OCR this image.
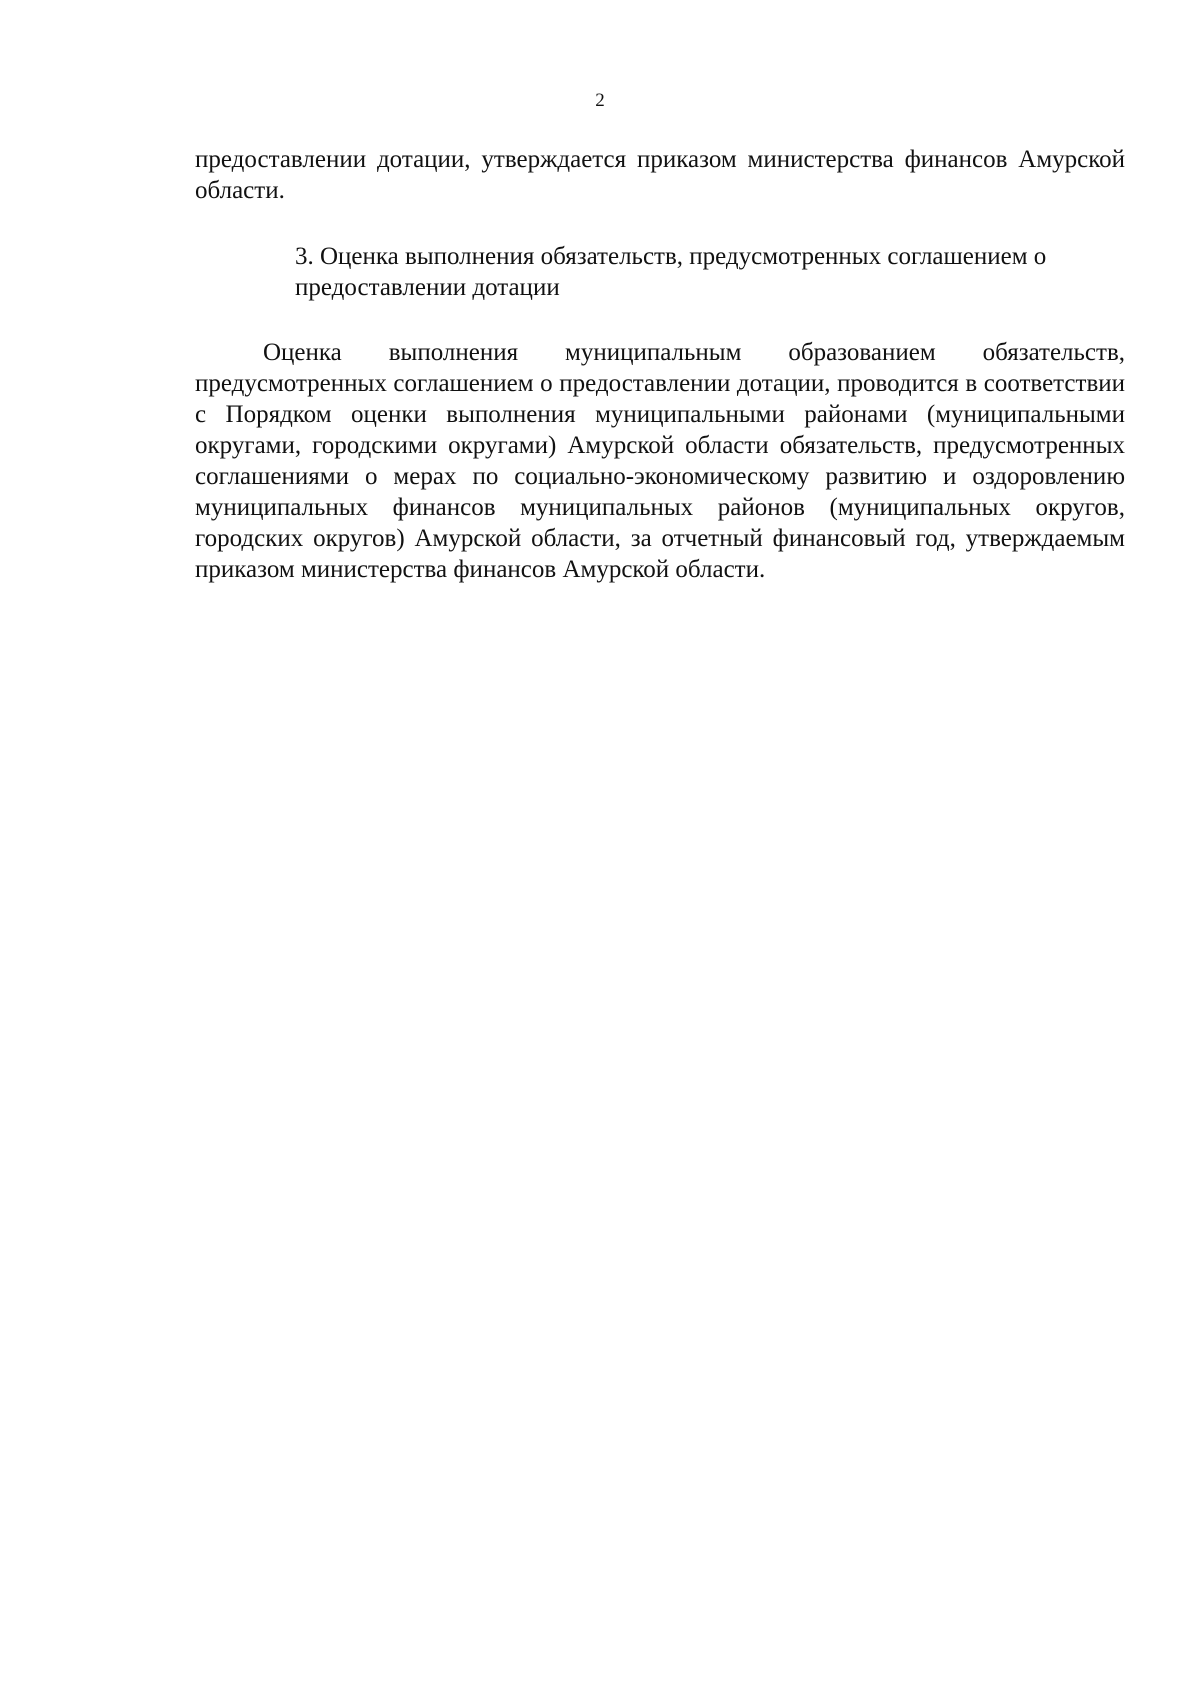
2

предоставлении дотации, утверждается приказом министерства финансов Амурской области.

3. Оценка выполнения обязательств, предусмотренных соглашением о
предоставлении дотации

Оценка выполнения муниципальным образованием обязательств, предусмотренных соглашением о предоставлении дотации, проводится в соответствии с Порядком оценки выполнения муниципальными районами (муниципальными округами, городскими округами) Амурской области обязательств, предусмотренных соглашениями о мерах по социально-экономическому развитию и оздоровлению муниципальных финансов муниципальных районов (муниципальных округов, городских округов) Амурской области, за отчетный финансовый год, утверждаемым приказом министерства финансов Амурской области.
